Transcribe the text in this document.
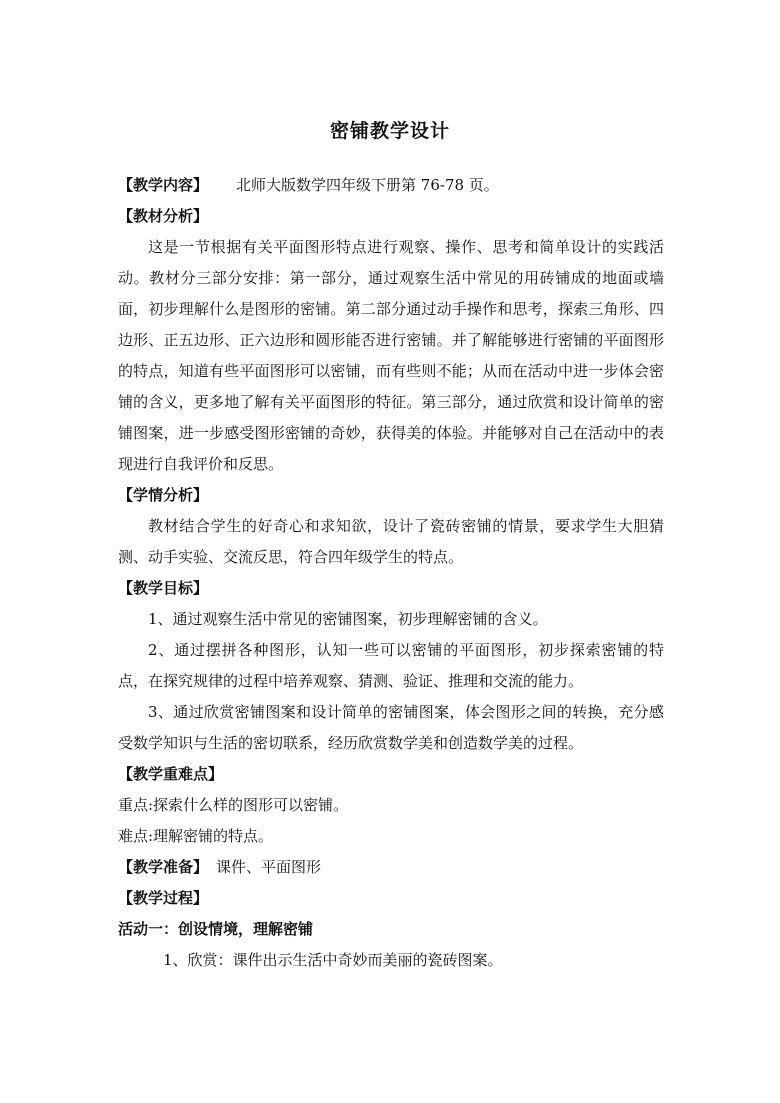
密铺教学设计

【教学内容】 北师大版数学四年级下册第 76-78 页。

【教材分析】

这是一节根据有关平面图形特点进行观察、操作、思考和简单设计的实践活动。教材分三部分安排：第一部分，通过观察生活中常见的用砖铺成的地面或墙面，初步理解什么是图形的密铺。第二部分通过动手操作和思考，探索三角形、四边形、正五边形、正六边形和圆形能否进行密铺。并了解能够进行密铺的平面图形的特点，知道有些平面图形可以密铺，而有些则不能；从而在活动中进一步体会密铺的含义，更多地了解有关平面图形的特征。第三部分，通过欣赏和设计简单的密铺图案，进一步感受图形密铺的奇妙，获得美的体验。并能够对自己在活动中的表现进行自我评价和反思。

【学情分析】

教材结合学生的好奇心和求知欲，设计了瓷砖密铺的情景，要求学生大胆猜测、动手实验、交流反思，符合四年级学生的特点。

【教学目标】

1、通过观察生活中常见的密铺图案，初步理解密铺的含义。

2、通过摆拼各种图形，认知一些可以密铺的平面图形，初步探索密铺的特点，在探究规律的过程中培养观察、猜测、验证、推理和交流的能力。

3、通过欣赏密铺图案和设计简单的密铺图案，体会图形之间的转换，充分感受数学知识与生活的密切联系，经历欣赏数学美和创造数学美的过程。

【教学重难点】

重点:探索什么样的图形可以密铺。

难点:理解密铺的特点。

【教学准备】 课件、平面图形

【教学过程】

活动一：创设情境，理解密铺

1、欣赏：课件出示生活中奇妙而美丽的瓷砖图案。
